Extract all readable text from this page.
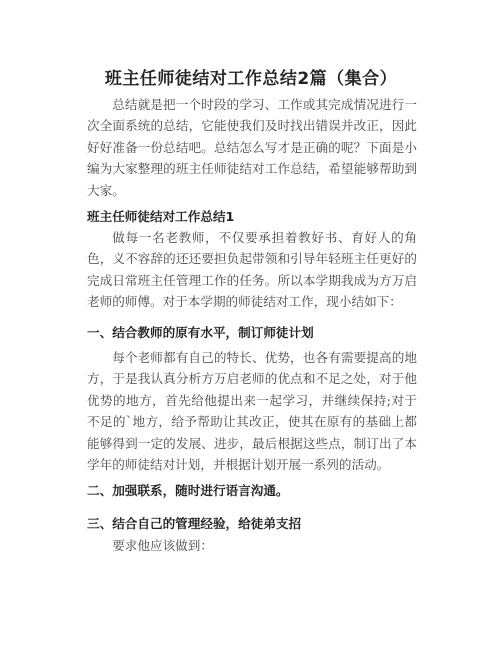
班主任师徒结对工作总结2篇（集合）

总结就是把一个时段的学习、工作或其完成情况进行一次全面系统的总结，它能使我们及时找出错误并改正，因此好好准备一份总结吧。总结怎么写才是正确的呢？下面是小编为大家整理的班主任师徒结对工作总结，希望能够帮助到大家。

班主任师徒结对工作总结1

做每一名老教师，不仅要承担着教好书、育好人的角色，义不容辞的还还要担负起带领和引导年轻班主任更好的完成日常班主任管理工作的任务。所以本学期我成为方万启老师的师傅。对于本学期的师徒结对工作，现小结如下：

一、结合教师的原有水平，制订师徒计划

每个老师都有自己的特长、优势，也各有需要提高的地方，于是我认真分析方万启老师的优点和不足之处，对于他优势的地方，首先给他提出来一起学习，并继续保持;对于不足的`地方，给予帮助让其改正，使其在原有的基础上都能够得到一定的发展、进步，最后根据这些点，制订出了本学年的师徒结对计划，并根据计划开展一系列的活动。

二、加强联系，随时进行语言沟通。
三、结合自己的管理经验，给徒弟支招

要求他应该做到：
